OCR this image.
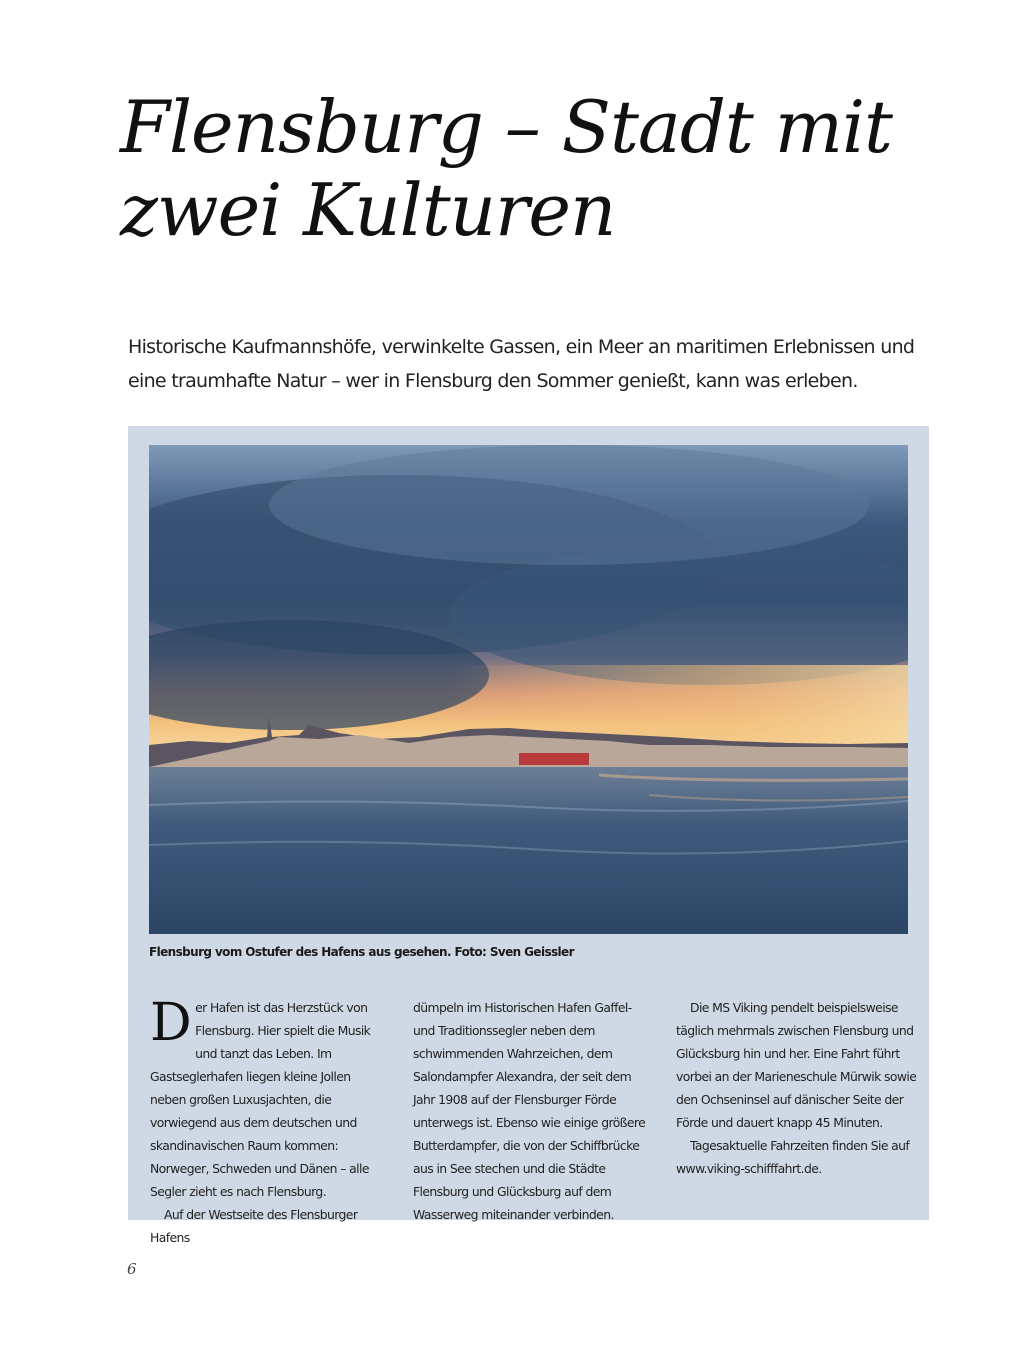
Flensburg – Stadt mit
zwei Kulturen

Historische Kaufmannshöfe, verwinkelte Gassen, ein Meer an maritimen Erlebnissen und eine traumhafte Natur – wer in Flensburg den Sommer genießt, kann was erleben.

Flensburg vom Ostufer des Hafens aus gesehen. Foto: Sven Geissler

D er Hafen ist das Herzstück von Flensburg. Hier spielt die Musik und tanzt das Leben. Im Gastseglerhafen liegen kleine Jollen neben großen Luxusjachten, die vorwiegend aus dem deutschen und skandinavischen Raum kommen: Norweger, Schweden und Dänen – alle Segler zieht es nach Flensburg.

Auf der Westseite des Flensburger Hafens

dümpeln im Historischen Hafen Gaffel- und Traditionssegler neben dem schwimmenden Wahrzeichen, dem Salondampfer Alexandra, der seit dem Jahr 1908 auf der Flensburger Förde unterwegs ist. Ebenso wie einige größere Butterdampfer, die von der Schiffbrücke aus in See stechen und die Städte Flensburg und Glücksburg auf dem Wasserweg miteinander verbinden.

Die MS Viking pendelt beispielsweise täglich mehrmals zwischen Flensburg und Glücksburg hin und her. Eine Fahrt führt vorbei an der Marieneschule Mürwik sowie den Ochseninsel auf dänischer Seite der Förde und dauert knapp 45 Minuten.

Tagesaktuelle Fahrzeiten finden Sie auf www.viking-schifffahrt.de.

6
